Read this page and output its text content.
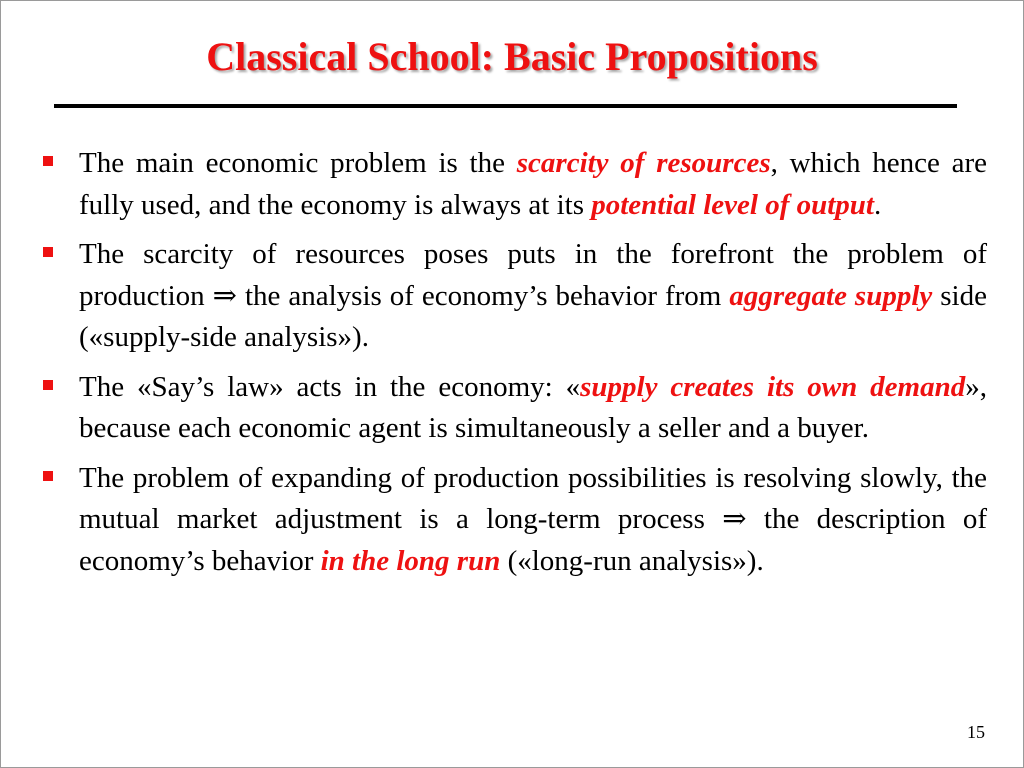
Classical School: Basic Propositions
The main economic problem is the scarcity of resources, which hence are fully used, and the economy is always at its potential level of output.
The scarcity of resources poses puts in the forefront the problem of production ⇒ the analysis of economy’s behavior from aggregate supply side («supply-side analysis»).
The «Say’s law» acts in the economy: «supply creates its own demand», because each economic agent is simultaneously a seller and a buyer.
The problem of expanding of production possibilities is resolving slowly, the mutual market adjustment is a long-term process ⇒ the description of economy’s behavior in the long run («long-run analysis»).
15
